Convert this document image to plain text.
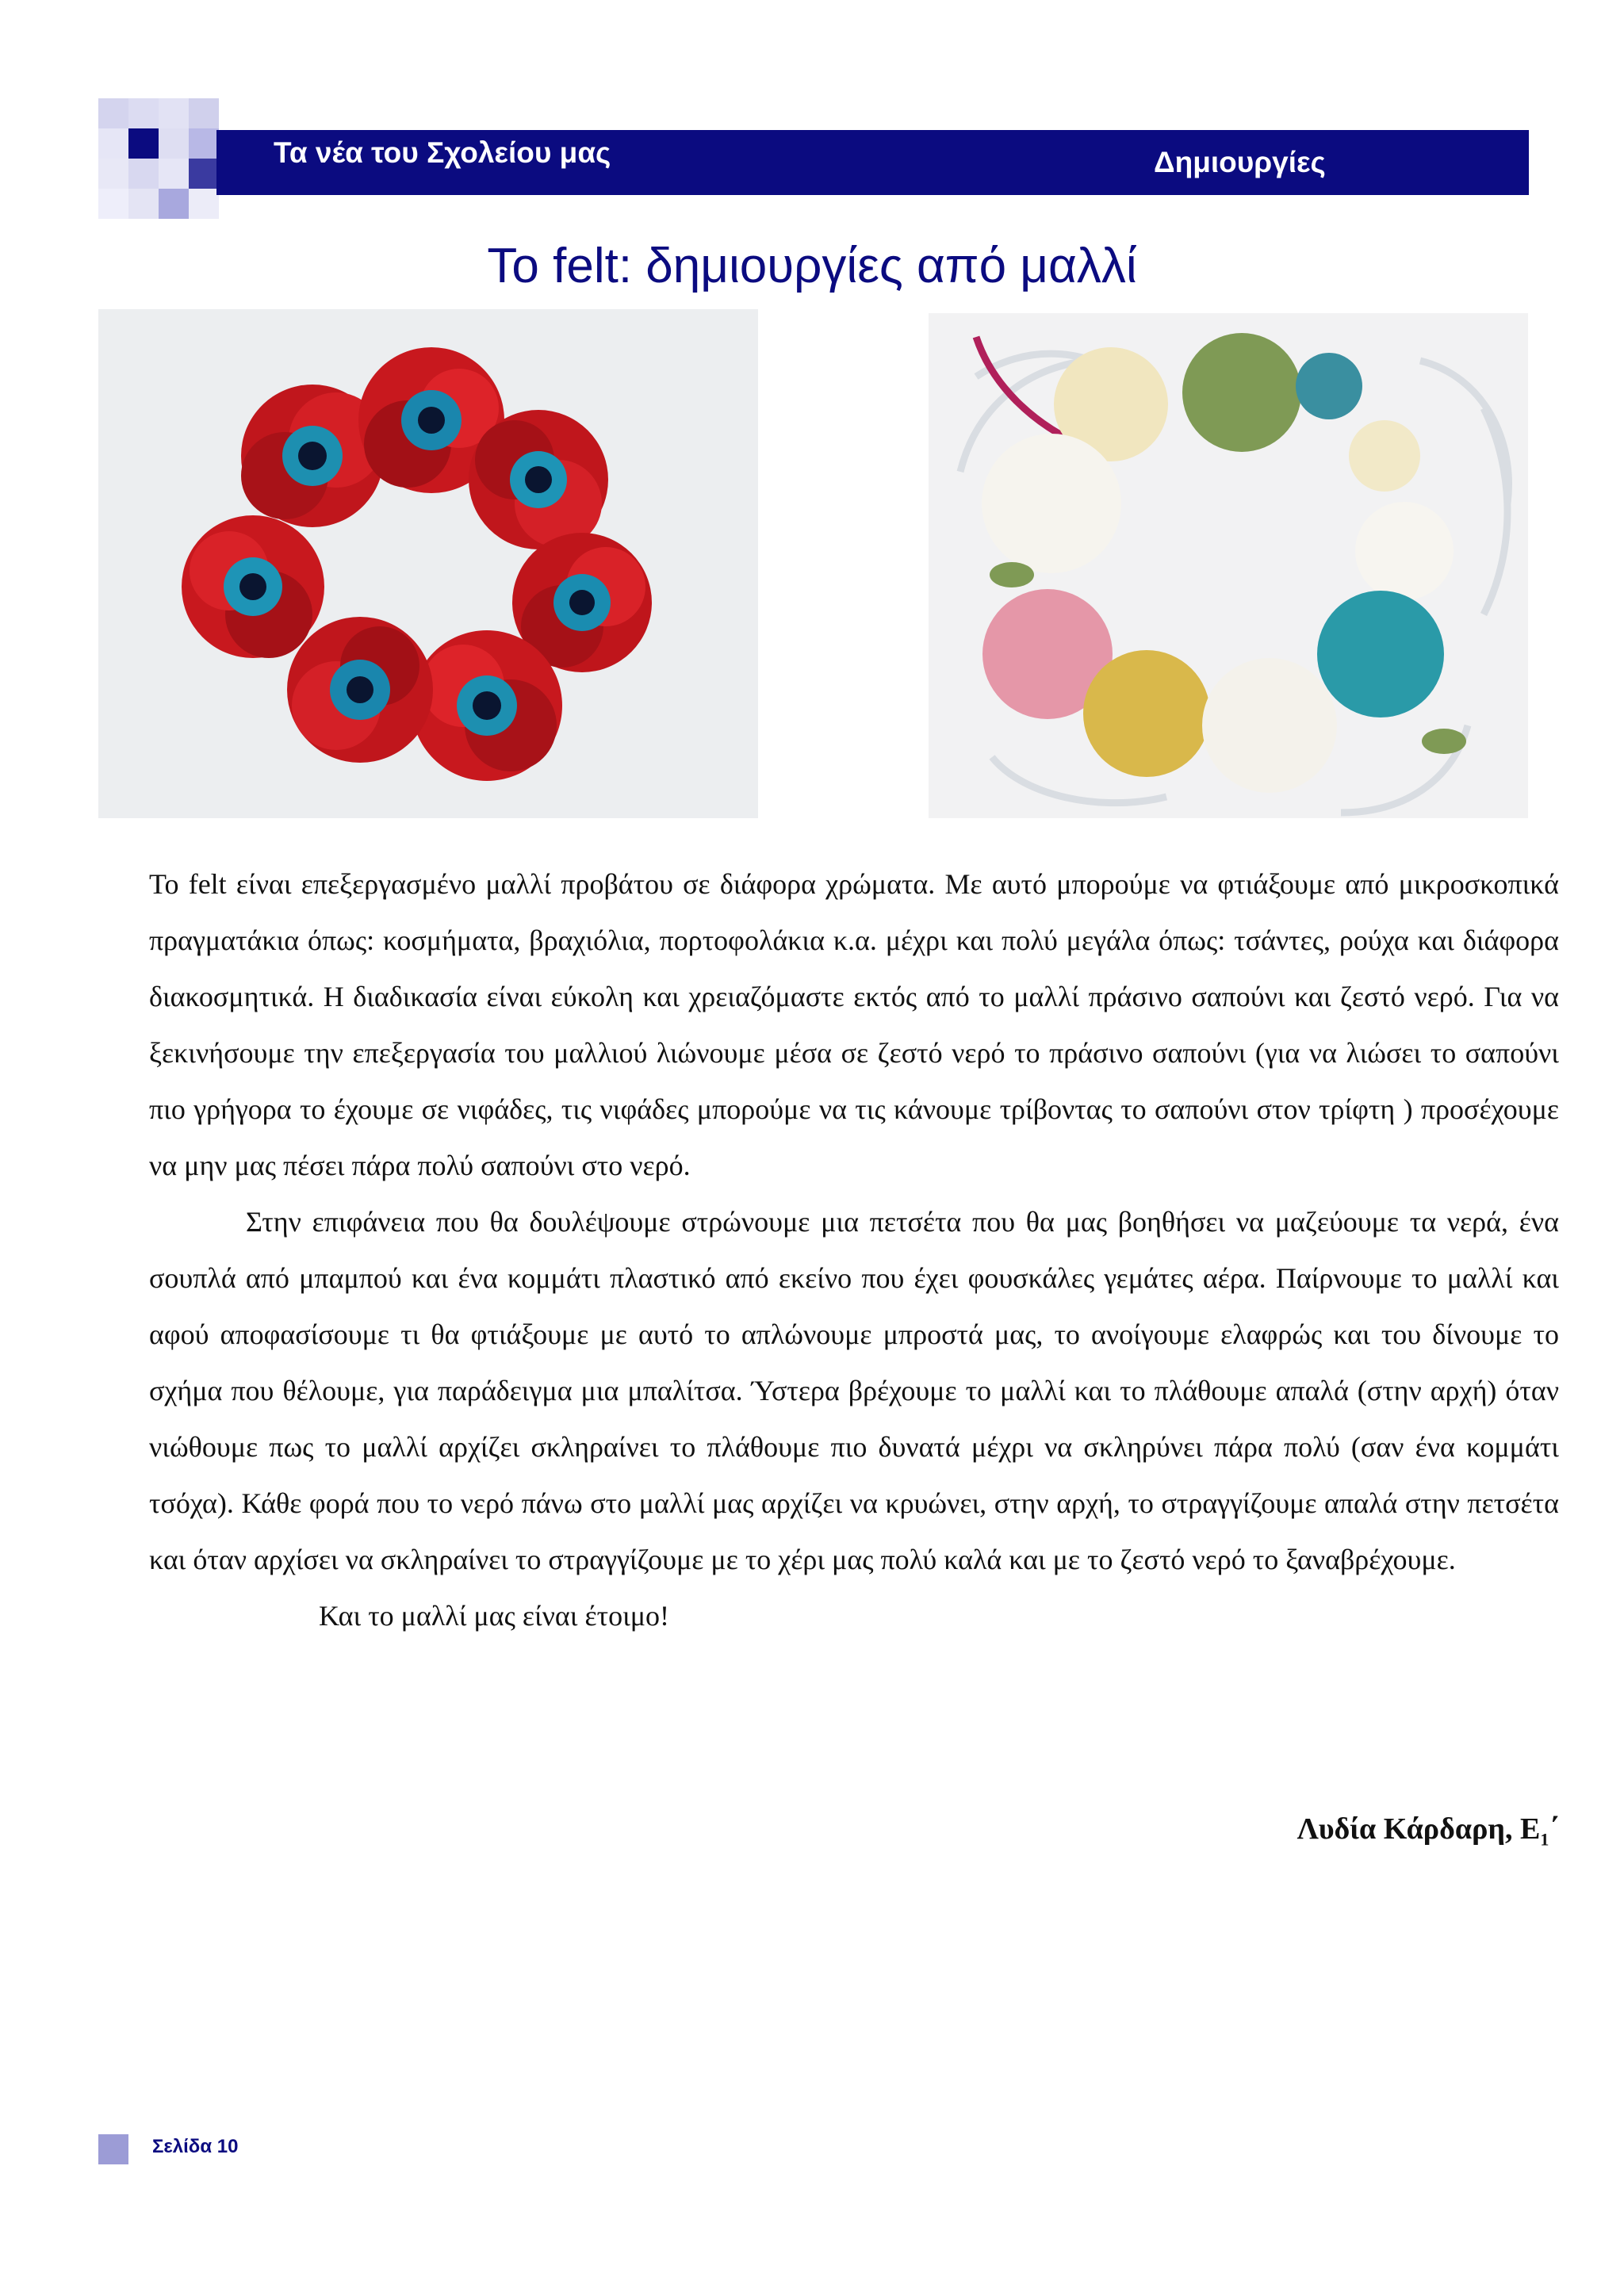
Τα νέα του Σχολείου μας	Δημιουργίες
Το felt: δημιουργίες από μαλλί

Το felt είναι επεξεργασμένο μαλλί προβάτου σε διάφορα χρώματα. Με αυτό μπορούμε να φτιάξουμε από μικροσκοπικά πραγματάκια όπως: κοσμήματα, βραχιόλια, πορτοφολάκια κ.α. μέχρι και πολύ μεγάλα όπως: τσάντες, ρούχα και διάφορα διακοσμητικά. Η διαδικασία είναι εύκολη και χρειαζόμαστε εκτός από το μαλλί πράσινο σαπούνι και ζεστό νερό. Για να ξεκινήσουμε την επεξεργασία του μαλλιού λιώνουμε μέσα σε ζεστό νερό το πράσινο σαπούνι (για να λιώσει το σαπούνι πιο γρήγορα το έχουμε σε νιφάδες, τις νιφάδες μπορούμε να τις κάνουμε τρίβοντας το σαπούνι στον τρίφτη ) προσέχουμε να μην μας πέσει πάρα πολύ σαπούνι στο νερό.

Στην επιφάνεια που θα δουλέψουμε στρώνουμε μια πετσέτα που θα μας βοηθήσει να μαζεύουμε τα νερά, ένα σουπλά από μπαμπού και ένα κομμάτι πλαστικό από εκείνο που έχει φουσκάλες γεμάτες αέρα. Παίρνουμε το μαλλί και αφού αποφασίσουμε τι θα φτιάξουμε με αυτό το απλώνουμε μπροστά μας, το ανοίγουμε ελαφρώς και του δίνουμε το σχήμα που θέλουμε, για παράδειγμα μια μπαλίτσα. Ύστερα βρέχουμε το μαλλί και το πλάθουμε απαλά (στην αρχή) όταν νιώθουμε πως το μαλλί αρχίζει σκληραίνει το πλάθουμε πιο δυνατά μέχρι να σκληρύνει πάρα πολύ (σαν ένα κομμάτι τσόχα). Κάθε φορά που το νερό πάνω στο μαλλί μας αρχίζει να κρυώνει, στην αρχή, το στραγγίζουμε απαλά στην πετσέτα και όταν αρχίσει να σκληραίνει το στραγγίζουμε με το χέρι μας πολύ καλά και με το ζεστό νερό το ξαναβρέχουμε.

Και το μαλλί μας είναι έτοιμο!

Λυδία Κάρδαρη, $E_1΄$
Σελίδα 10
